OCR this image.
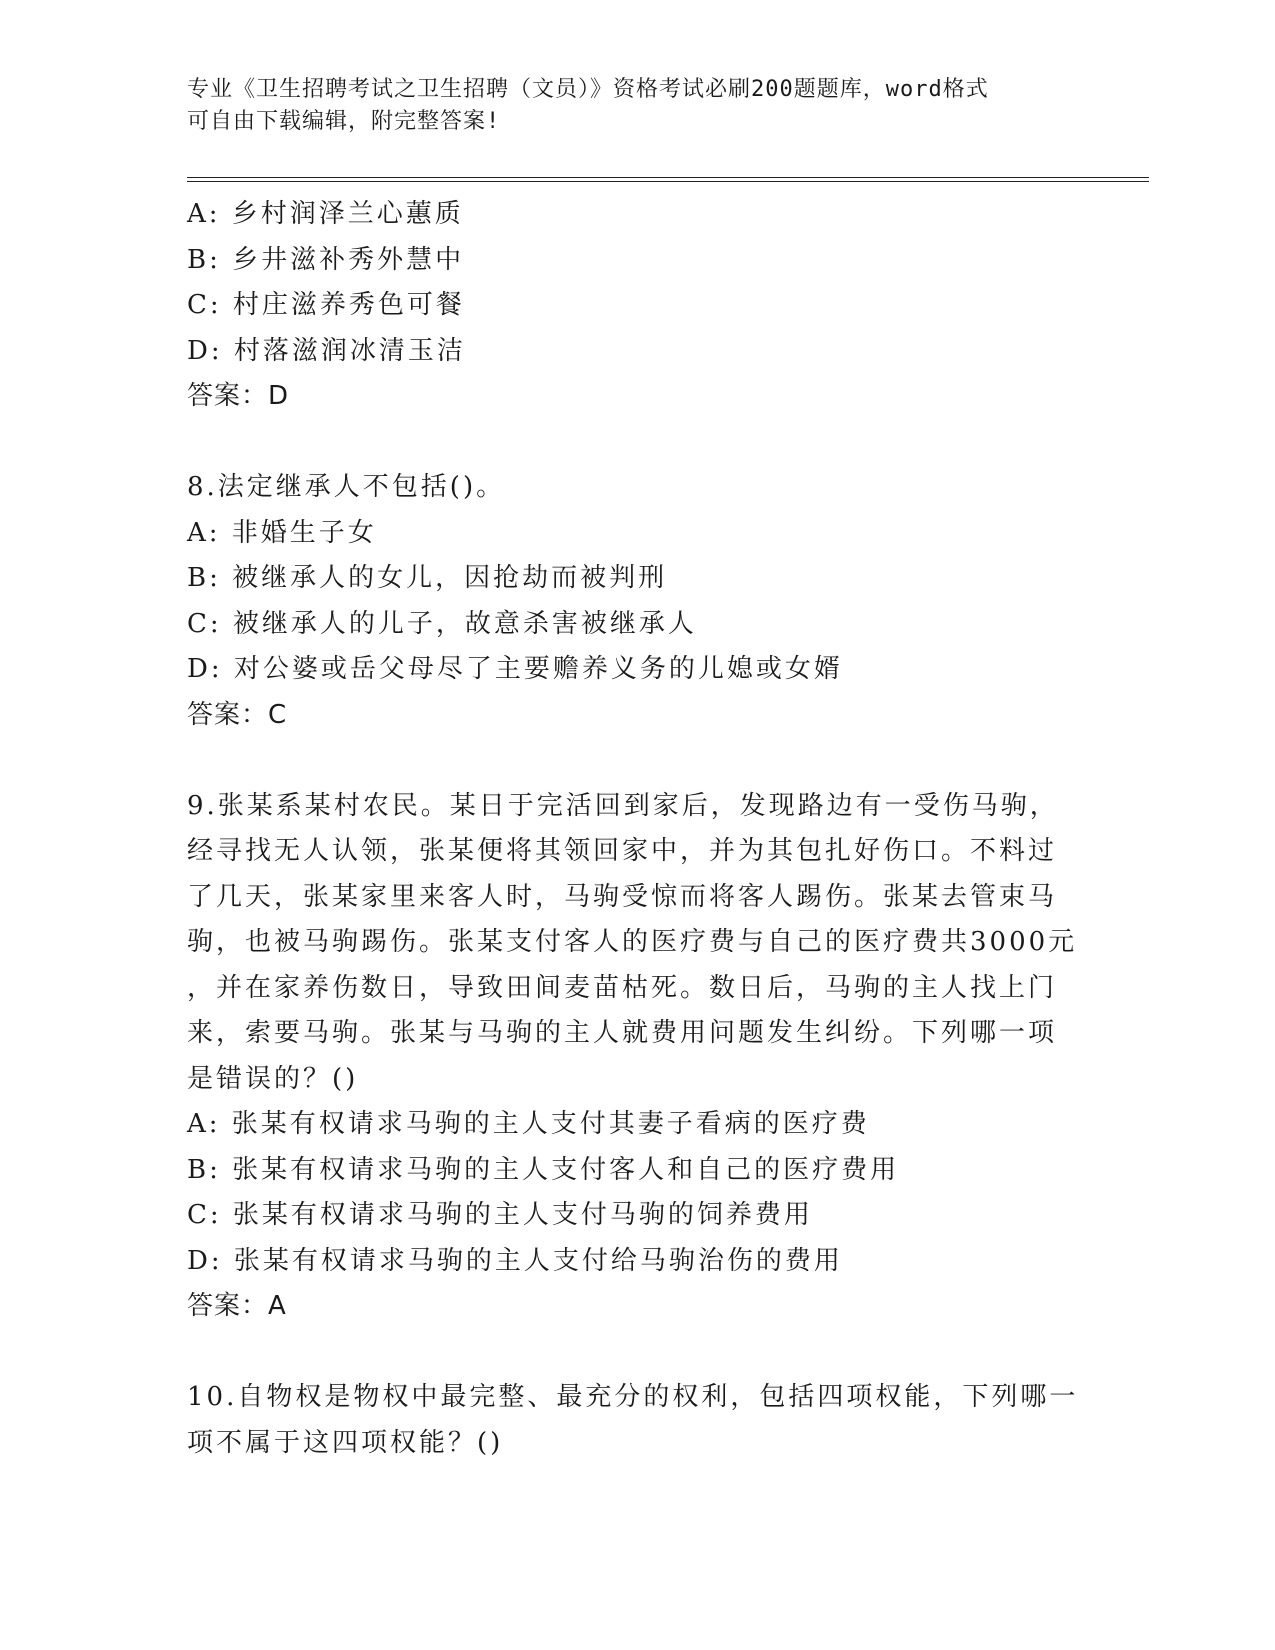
专业《卫生招聘考试之卫生招聘（文员）》资格考试必刷200题题库，word格式
可自由下载编辑，附完整答案!
A: 乡村润泽兰心蕙质
B: 乡井滋补秀外慧中
C: 村庄滋养秀色可餐
D: 村落滋润冰清玉洁
答案：D
8.法定继承人不包括()。
A: 非婚生子女
B: 被继承人的女儿，因抢劫而被判刑
C: 被继承人的儿子，故意杀害被继承人
D: 对公婆或岳父母尽了主要赡养义务的儿媳或女婿
答案：C
9.张某系某村农民。某日于完活回到家后，发现路边有一受伤马驹，
经寻找无人认领，张某便将其领回家中，并为其包扎好伤口。不料过
了几天，张某家里来客人时，马驹受惊而将客人踢伤。张某去管束马
驹，也被马驹踢伤。张某支付客人的医疗费与自己的医疗费共3000元
，并在家养伤数日，导致田间麦苗枯死。数日后，马驹的主人找上门
来，索要马驹。张某与马驹的主人就费用问题发生纠纷。下列哪一项
是错误的？()
A: 张某有权请求马驹的主人支付其妻子看病的医疗费
B: 张某有权请求马驹的主人支付客人和自己的医疗费用
C: 张某有权请求马驹的主人支付马驹的饲养费用
D: 张某有权请求马驹的主人支付给马驹治伤的费用
答案：A
10.自物权是物权中最完整、最充分的权利，包括四项权能，下列哪一
项不属于这四项权能？()
